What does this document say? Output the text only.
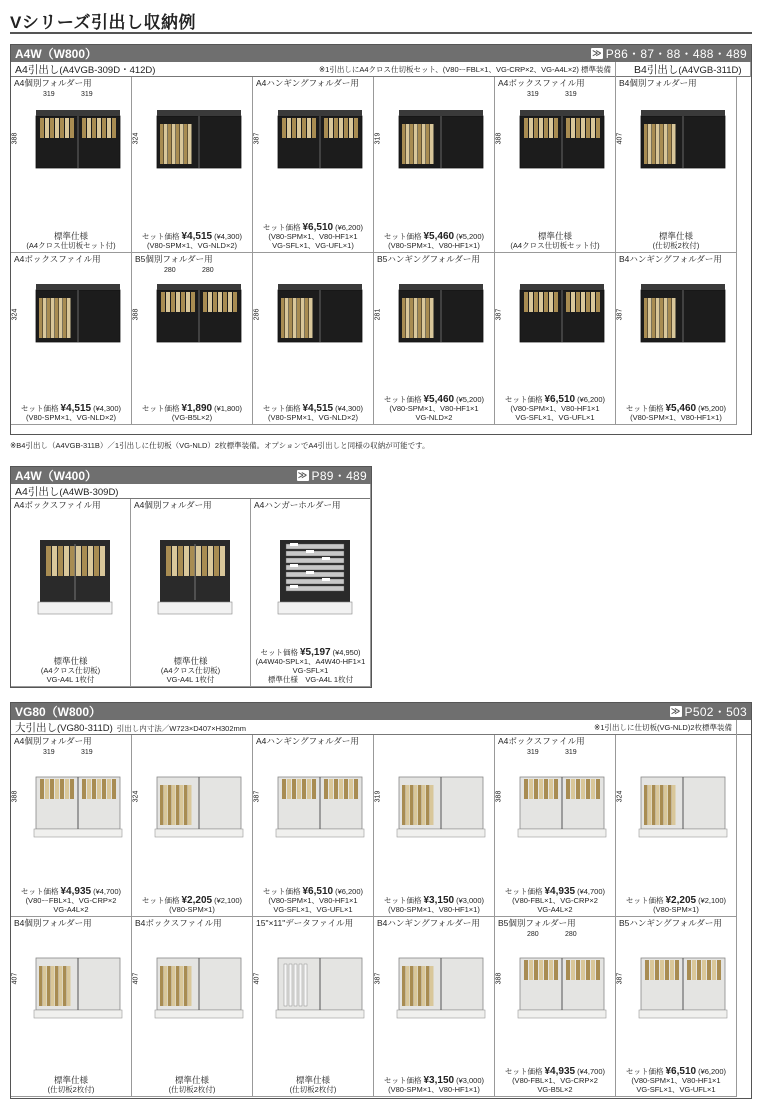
Vシリーズ引出し収納例
A4W（W800）	≫ P86・87・88・488・489
A4引出し(A4VGB-309D・412D)	※1引出しにA4クロス仕切板セット、(V80ーFBL×1、VG-CRP×2、VG-A4L×2) 標準装備 B4引出し(A4VGB-311D)
A4個別フォルダー用
319	319
388
標準仕様
(A4クロス仕切板セット付)
324
セット価格 ¥4,515 (¥4,300)
(V80-SPM×1、VG-NLD×2)
A4ハンギングフォルダー用
387
セット価格 ¥6,510 (¥6,200)
(V80-SPM×1、V80-HF1×1
VG-SFL×1、VG-UFL×1)
319
セット価格 ¥5,460 (¥5,200)
(V80-SPM×1、V80-HF1×1)
A4ボックスファイル用
319	319
388
標準仕様
(A4クロス仕切板セット付)
B4個別フォルダー用
407
標準仕様
(仕切板2枚付)
A4ボックスファイル用
324
セット価格 ¥4,515 (¥4,300)
(V80-SPM×1、VG-NLD×2)
B5個別フォルダー用
280	280
388
セット価格 ¥1,890 (¥1,800)
(VG-B5L×2)
286
セット価格 ¥4,515 (¥4,300)
(V80-SPM×1、VG-NLD×2)
B5ハンギングフォルダー用
281
セット価格 ¥5,460 (¥5,200)
(V80-SPM×1、V80-HF1×1
VG-NLD×2
387
セット価格 ¥6,510 (¥6,200)
(V80-SPM×1、V80-HF1×1
VG-SFL×1、VG-UFL×1
B4ハンギングフォルダー用
387
セット価格 ¥5,460 (¥5,200)
(V80-SPM×1、V80-HF1×1)
※B4引出し（A4VGB-311B）／1引出しに仕切板（VG-NLD）2枚標準装備。オプションでA4引出しと同様の収納が可能です。
A4W（W400）	≫ P89・489
A4引出し(A4WB-309D)
A4ボックスファイル用
標準仕様
(A4クロス仕切板)
VG-A4L 1枚付
A4個別フォルダー用
標準仕様
(A4クロス仕切板)
VG-A4L 1枚付
A4ハンガーホルダー用
セット価格 ¥5,197 (¥4,950)
(A4W40-SPL×1、A4W40-HF1×1
VG-SFL×1
標準仕様　VG-A4L 1枚付
VG80（W800）	≫ P502・503
大引出し(VG80-311D) 引出し内寸法／W723×D407×H302mm	※1引出しに仕切板(VG-NLD)2枚標準装備
A4個別フォルダー用
319	319
388
セット価格 ¥4,935 (¥4,700)
(V80ーFBL×1、VG-CRP×2
VG-A4L×2
324
セット価格 ¥2,205 (¥2,100)
(V80-SPM×1)
A4ハンギングフォルダー用
387
セット価格 ¥6,510 (¥6,200)
(V80-SPM×1、V80-HF1×1
VG-SFL×1、VG-UFL×1
319
セット価格 ¥3,150 (¥3,000)
(V80-SPM×1、V80-HF1×1)
A4ボックスファイル用
319	319
388
セット価格 ¥4,935 (¥4,700)
(V80-FBL×1、VG-CRP×2
VG-A4L×2
324
セット価格 ¥2,205 (¥2,100)
(V80-SPM×1)
B4個別フォルダー用
407
標準仕様
(仕切板2枚付)
B4ボックスファイル用
407
標準仕様
(仕切板2枚付)
15"×11"データファイル用
407
標準仕様
(仕切板2枚付)
B4ハンギングフォルダー用
387
セット価格 ¥3,150 (¥3,000)
(V80-SPM×1、V80-HF1×1)
B5個別フォルダー用
280	280
388
セット価格 ¥4,935 (¥4,700)
(V80-FBL×1、VG-CRP×2
VG-B5L×2
B5ハンギングフォルダー用
387
セット価格 ¥6,510 (¥6,200)
(V80-SPM×1、V80-HF1×1
VG-SFL×1、VG-UFL×1
